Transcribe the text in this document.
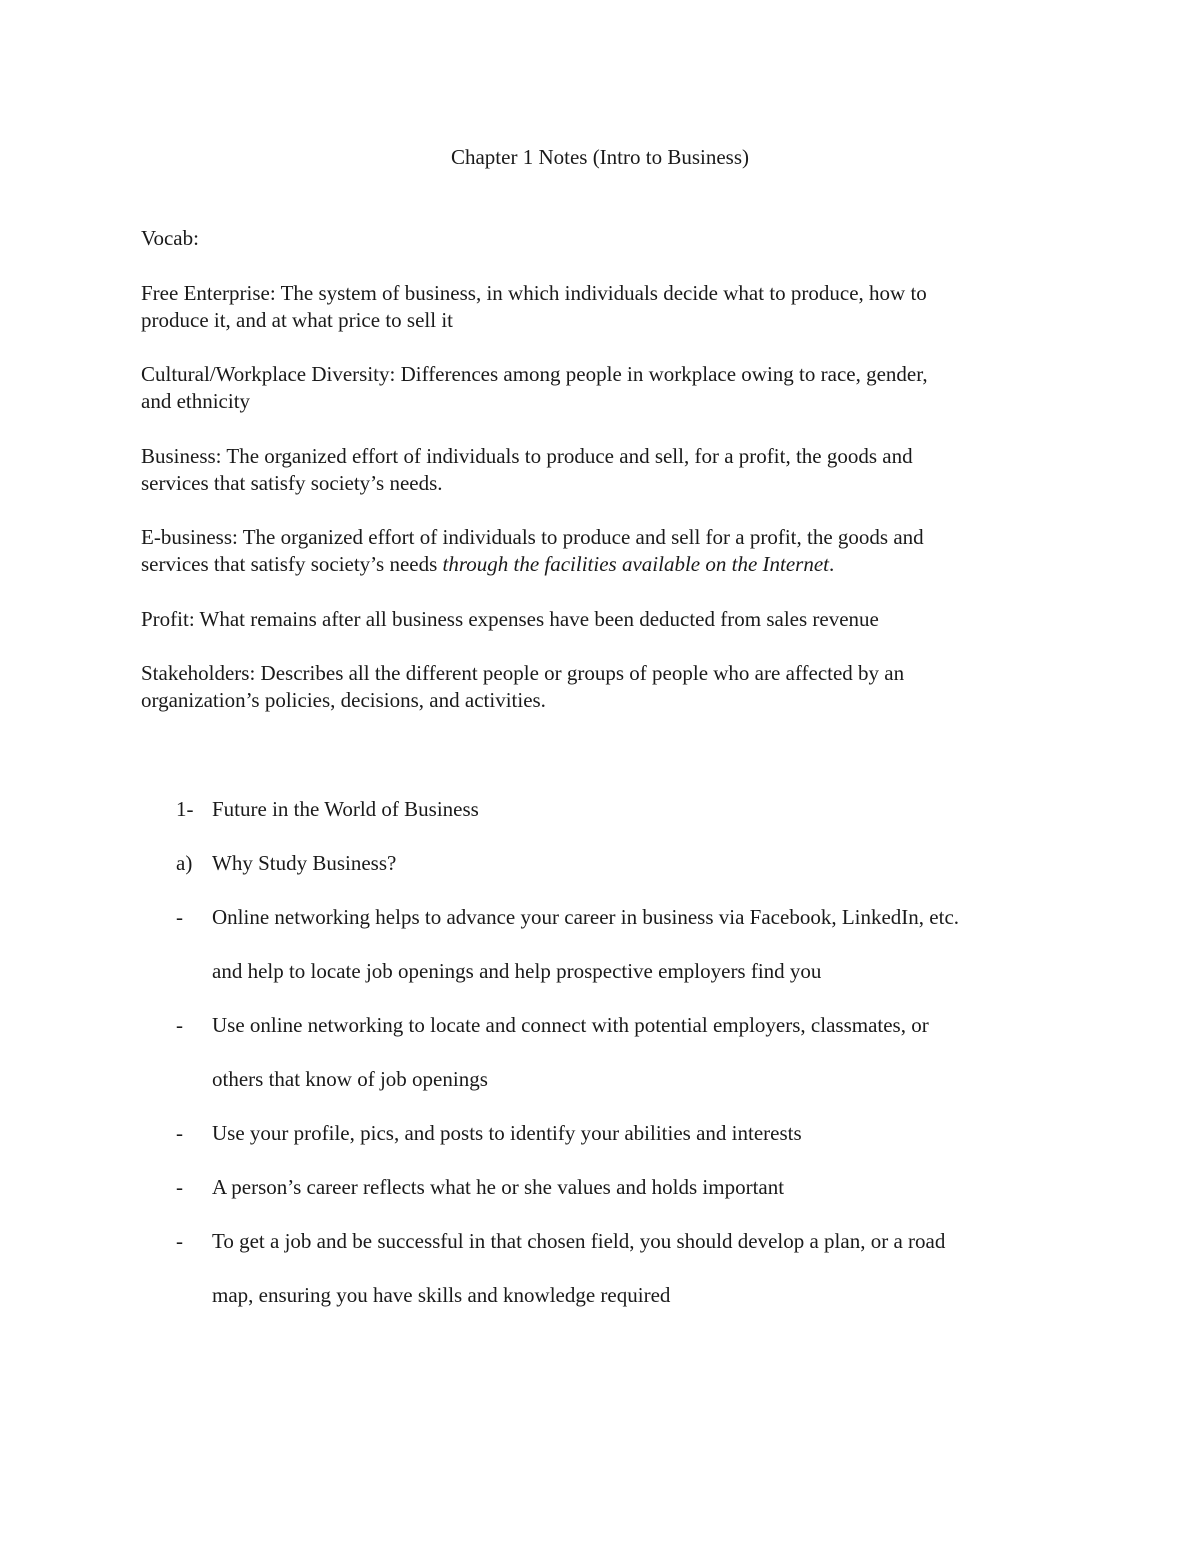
Chapter 1 Notes (Intro to Business)
Vocab:
Free Enterprise: The system of business, in which individuals decide what to produce, how to
produce it, and at what price to sell it
Cultural/Workplace Diversity: Differences among people in workplace owing to race, gender,
and ethnicity
Business: The organized effort of individuals to produce and sell, for a profit, the goods and
services that satisfy society’s needs.
E-business: The organized effort of individuals to produce and sell for a profit, the goods and
services that satisfy society’s needs through the facilities available on the Internet.
Profit: What remains after all business expenses have been deducted from sales revenue
Stakeholders: Describes all the different people or groups of people who are affected by an
organization’s policies, decisions, and activities.
1- Future in the World of Business
a) Why Study Business?
- Online networking helps to advance your career in business via Facebook, LinkedIn, etc.
and help to locate job openings and help prospective employers find you
- Use online networking to locate and connect with potential employers, classmates, or
others that know of job openings
- Use your profile, pics, and posts to identify your abilities and interests
- A person’s career reflects what he or she values and holds important
- To get a job and be successful in that chosen field, you should develop a plan, or a road
map, ensuring you have skills and knowledge required
